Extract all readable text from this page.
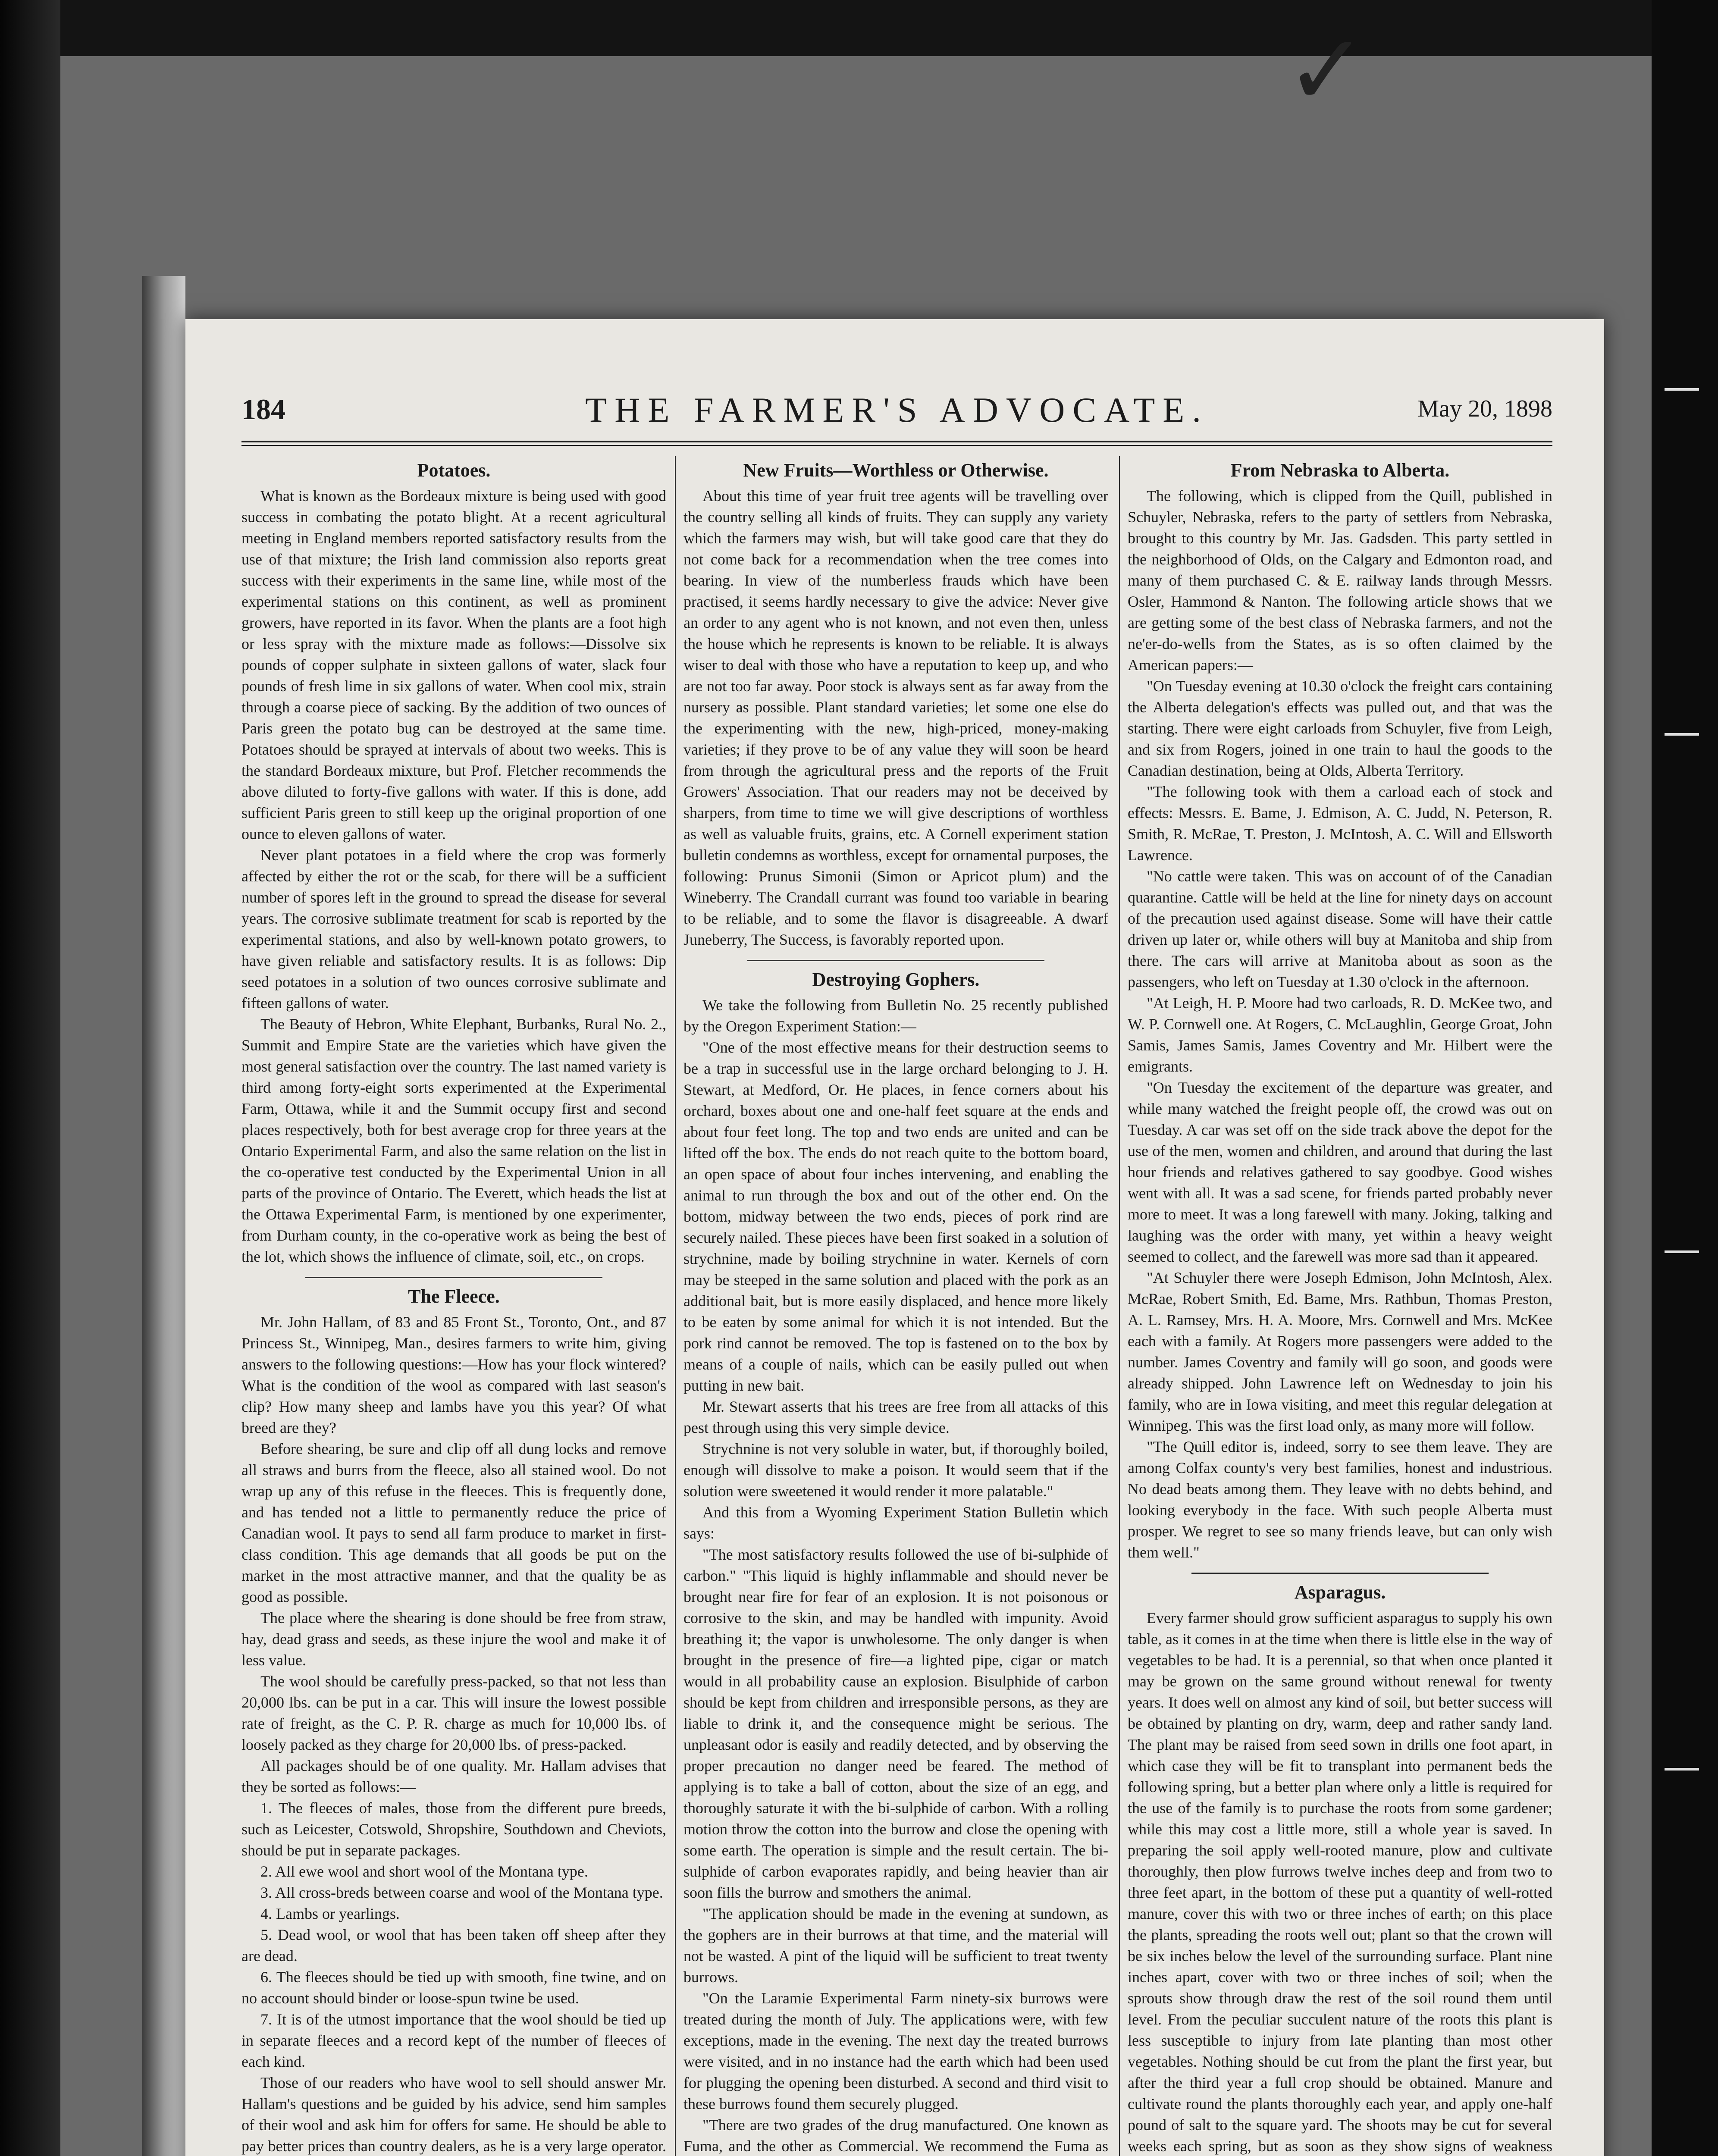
184	THE FARMER'S ADVOCATE.	May 20, 1898
Potatoes.

What is known as the Bordeaux mixture is being used with good success in combating the potato blight. At a recent agricultural meeting in England members reported satisfactory results from the use of that mixture; the Irish land commission also reports great success with their experiments in the same line, while most of the experimental stations on this continent, as well as prominent growers, have reported in its favor. When the plants are a foot high or less spray with the mixture made as follows:—Dissolve six pounds of copper sulphate in sixteen gallons of water, slack four pounds of fresh lime in six gallons of water. When cool mix, strain through a coarse piece of sacking. By the addition of two ounces of Paris green the potato bug can be destroyed at the same time. Potatoes should be sprayed at intervals of about two weeks. This is the standard Bordeaux mixture, but Prof. Fletcher recommends the above diluted to forty-five gallons with water. If this is done, add sufficient Paris green to still keep up the original proportion of one ounce to eleven gallons of water.

Never plant potatoes in a field where the crop was formerly affected by either the rot or the scab, for there will be a sufficient number of spores left in the ground to spread the disease for several years. The corrosive sublimate treatment for scab is reported by the experimental stations, and also by well-known potato growers, to have given reliable and satisfactory results. It is as follows: Dip seed potatoes in a solution of two ounces corrosive sublimate and fifteen gallons of water.

The Beauty of Hebron, White Elephant, Burbanks, Rural No. 2., Summit and Empire State are the varieties which have given the most general satisfaction over the country. The last named variety is third among forty-eight sorts experimented at the Experimental Farm, Ottawa, while it and the Summit occupy first and second places respectively, both for best average crop for three years at the Ontario Experimental Farm, and also the same relation on the list in the co-operative test conducted by the Experimental Union in all parts of the province of Ontario. The Everett, which heads the list at the Ottawa Experimental Farm, is mentioned by one experimenter, from Durham county, in the co-operative work as being the best of the lot, which shows the influence of climate, soil, etc., on crops.

The Fleece.

Mr. John Hallam, of 83 and 85 Front St., Toronto, Ont., and 87 Princess St., Winnipeg, Man., desires farmers to write him, giving answers to the following questions:—How has your flock wintered? What is the condition of the wool as compared with last season's clip? How many sheep and lambs have you this year? Of what breed are they?

Before shearing, be sure and clip off all dung locks and remove all straws and burrs from the fleece, also all stained wool. Do not wrap up any of this refuse in the fleeces. This is frequently done, and has tended not a little to permanently reduce the price of Canadian wool. It pays to send all farm produce to market in first-class condition. This age demands that all goods be put on the market in the most attractive manner, and that the quality be as good as possible.

The place where the shearing is done should be free from straw, hay, dead grass and seeds, as these injure the wool and make it of less value.

The wool should be carefully press-packed, so that not less than 20,000 lbs. can be put in a car. This will insure the lowest possible rate of freight, as the C. P. R. charge as much for 10,000 lbs. of loosely packed as they charge for 20,000 lbs. of press-packed.

All packages should be of one quality. Mr. Hallam advises that they be sorted as follows:—

1. The fleeces of males, those from the different pure breeds, such as Leicester, Cotswold, Shropshire, Southdown and Cheviots, should be put in separate packages.

2. All ewe wool and short wool of the Montana type.

3. All cross-breds between coarse and wool of the Montana type.

4. Lambs or yearlings.

5. Dead wool, or wool that has been taken off sheep after they are dead.

6. The fleeces should be tied up with smooth, fine twine, and on no account should binder or loose-spun twine be used.

7. It is of the utmost importance that the wool should be tied up in separate fleeces and a record kept of the number of fleeces of each kind.

Those of our readers who have wool to sell should answer Mr. Hallam's questions and be guided by his advice, send him samples of their wool and ask him for offers for same. He should be able to pay better prices than country dealers, as he is a very large operator.

New Fruits—Worthless or Otherwise.

About this time of year fruit tree agents will be travelling over the country selling all kinds of fruits. They can supply any variety which the farmers may wish, but will take good care that they do not come back for a recommendation when the tree comes into bearing. In view of the numberless frauds which have been practised, it seems hardly necessary to give the advice: Never give an order to any agent who is not known, and not even then, unless the house which he represents is known to be reliable. It is always wiser to deal with those who have a reputation to keep up, and who are not too far away. Poor stock is always sent as far away from the nursery as possible. Plant standard varieties; let some one else do the experimenting with the new, high-priced, money-making varieties; if they prove to be of any value they will soon be heard from through the agricultural press and the reports of the Fruit Growers' Association. That our readers may not be deceived by sharpers, from time to time we will give descriptions of worthless as well as valuable fruits, grains, etc. A Cornell experiment station bulletin condemns as worthless, except for ornamental purposes, the following: Prunus Simonii (Simon or Apricot plum) and the Wineberry. The Crandall currant was found too variable in bearing to be reliable, and to some the flavor is disagreeable. A dwarf Juneberry, The Success, is favorably reported upon.

Destroying Gophers.

We take the following from Bulletin No. 25 recently published by the Oregon Experiment Station:—

"One of the most effective means for their destruction seems to be a trap in successful use in the large orchard belonging to J. H. Stewart, at Medford, Or. He places, in fence corners about his orchard, boxes about one and one-half feet square at the ends and about four feet long. The top and two ends are united and can be lifted off the box. The ends do not reach quite to the bottom board, an open space of about four inches intervening, and enabling the animal to run through the box and out of the other end. On the bottom, midway between the two ends, pieces of pork rind are securely nailed. These pieces have been first soaked in a solution of strychnine, made by boiling strychnine in water. Kernels of corn may be steeped in the same solution and placed with the pork as an additional bait, but is more easily displaced, and hence more likely to be eaten by some animal for which it is not intended. But the pork rind cannot be removed. The top is fastened on to the box by means of a couple of nails, which can be easily pulled out when putting in new bait.

Mr. Stewart asserts that his trees are free from all attacks of this pest through using this very simple device.

Strychnine is not very soluble in water, but, if thoroughly boiled, enough will dissolve to make a poison. It would seem that if the solution were sweetened it would render it more palatable."

And this from a Wyoming Experiment Station Bulletin which says:

"The most satisfactory results followed the use of bi-sulphide of carbon." "This liquid is highly inflammable and should never be brought near fire for fear of an explosion. It is not poisonous or corrosive to the skin, and may be handled with impunity. Avoid breathing it; the vapor is unwholesome. The only danger is when brought in the presence of fire—a lighted pipe, cigar or match would in all probability cause an explosion. Bisulphide of carbon should be kept from children and irresponsible persons, as they are liable to drink it, and the consequence might be serious. The unpleasant odor is easily and readily detected, and by observing the proper precaution no danger need be feared. The method of applying is to take a ball of cotton, about the size of an egg, and thoroughly saturate it with the bi-sulphide of carbon. With a rolling motion throw the cotton into the burrow and close the opening with some earth. The operation is simple and the result certain. The bi-sulphide of carbon evaporates rapidly, and being heavier than air soon fills the burrow and smothers the animal.

"The application should be made in the evening at sundown, as the gophers are in their burrows at that time, and the material will not be wasted. A pint of the liquid will be sufficient to treat twenty burrows.

"On the Laramie Experimental Farm ninety-six burrows were treated during the month of July. The applications were, with few exceptions, made in the evening. The next day the treated burrows were visited, and in no instance had the earth which had been used for plugging the opening been disturbed. A second and third visit to these burrows found them securely plugged.

"There are two grades of the drug manufactured. One known as Fuma, and the other as Commercial. We recommend the Fuma as

From Nebraska to Alberta.

The following, which is clipped from the Quill, published in Schuyler, Nebraska, refers to the party of settlers from Nebraska, brought to this country by Mr. Jas. Gadsden. This party settled in the neighborhood of Olds, on the Calgary and Edmonton road, and many of them purchased C. & E. railway lands through Messrs. Osler, Hammond & Nanton. The following article shows that we are getting some of the best class of Nebraska farmers, and not the ne'er-do-wells from the States, as is so often claimed by the American papers:—

"On Tuesday evening at 10.30 o'clock the freight cars containing the Alberta delegation's effects was pulled out, and that was the starting. There were eight carloads from Schuyler, five from Leigh, and six from Rogers, joined in one train to haul the goods to the Canadian destination, being at Olds, Alberta Territory.

"The following took with them a carload each of stock and effects: Messrs. E. Bame, J. Edmison, A. C. Judd, N. Peterson, R. Smith, R. McRae, T. Preston, J. McIntosh, A. C. Will and Ellsworth Lawrence.

"No cattle were taken. This was on account of of the Canadian quarantine. Cattle will be held at the line for ninety days on account of the precaution used against disease. Some will have their cattle driven up later or, while others will buy at Manitoba and ship from there. The cars will arrive at Manitoba about as soon as the passengers, who left on Tuesday at 1.30 o'clock in the afternoon.

"At Leigh, H. P. Moore had two carloads, R. D. McKee two, and W. P. Cornwell one. At Rogers, C. McLaughlin, George Groat, John Samis, James Samis, James Coventry and Mr. Hilbert were the emigrants.

"On Tuesday the excitement of the departure was greater, and while many watched the freight people off, the crowd was out on Tuesday. A car was set off on the side track above the depot for the use of the men, women and children, and around that during the last hour friends and relatives gathered to say goodbye. Good wishes went with all. It was a sad scene, for friends parted probably never more to meet. It was a long farewell with many. Joking, talking and laughing was the order with many, yet within a heavy weight seemed to collect, and the farewell was more sad than it appeared.

"At Schuyler there were Joseph Edmison, John McIntosh, Alex. McRae, Robert Smith, Ed. Bame, Mrs. Rathbun, Thomas Preston, A. L. Ramsey, Mrs. H. A. Moore, Mrs. Cornwell and Mrs. McKee each with a family. At Rogers more passengers were added to the number. James Coventry and family will go soon, and goods were already shipped. John Lawrence left on Wednesday to join his family, who are in Iowa visiting, and meet this regular delegation at Winnipeg. This was the first load only, as many more will follow.

"The Quill editor is, indeed, sorry to see them leave. They are among Colfax county's very best families, honest and industrious. No dead beats among them. They leave with no debts behind, and looking everybody in the face. With such people Alberta must prosper. We regret to see so many friends leave, but can only wish them well."

Asparagus.

Every farmer should grow sufficient asparagus to supply his own table, as it comes in at the time when there is little else in the way of vegetables to be had. It is a perennial, so that when once planted it may be grown on the same ground without renewal for twenty years. It does well on almost any kind of soil, but better success will be obtained by planting on dry, warm, deep and rather sandy land. The plant may be raised from seed sown in drills one foot apart, in which case they will be fit to transplant into permanent beds the following spring, but a better plan where only a little is required for the use of the family is to purchase the roots from some gardener; while this may cost a little more, still a whole year is saved. In preparing the soil apply well-rooted manure, plow and cultivate thoroughly, then plow furrows twelve inches deep and from two to three feet apart, in the bottom of these put a quantity of well-rotted manure, cover this with two or three inches of earth; on this place the plants, spreading the roots well out; plant so that the crown will be six inches below the level of the surrounding surface. Plant nine inches apart, cover with two or three inches of soil; when the sprouts show through draw the rest of the soil round them until level. From the peculiar succulent nature of the roots this plant is less susceptible to injury from late planting than most other vegetables. Nothing should be cut from the plant the first year, but after the third year a full crop should be obtained. Manure and cultivate round the plants thoroughly each year, and apply one-half pound of salt to the square yard. The shoots may be cut for several weeks each spring, but as soon as they show signs of weakness

✓
